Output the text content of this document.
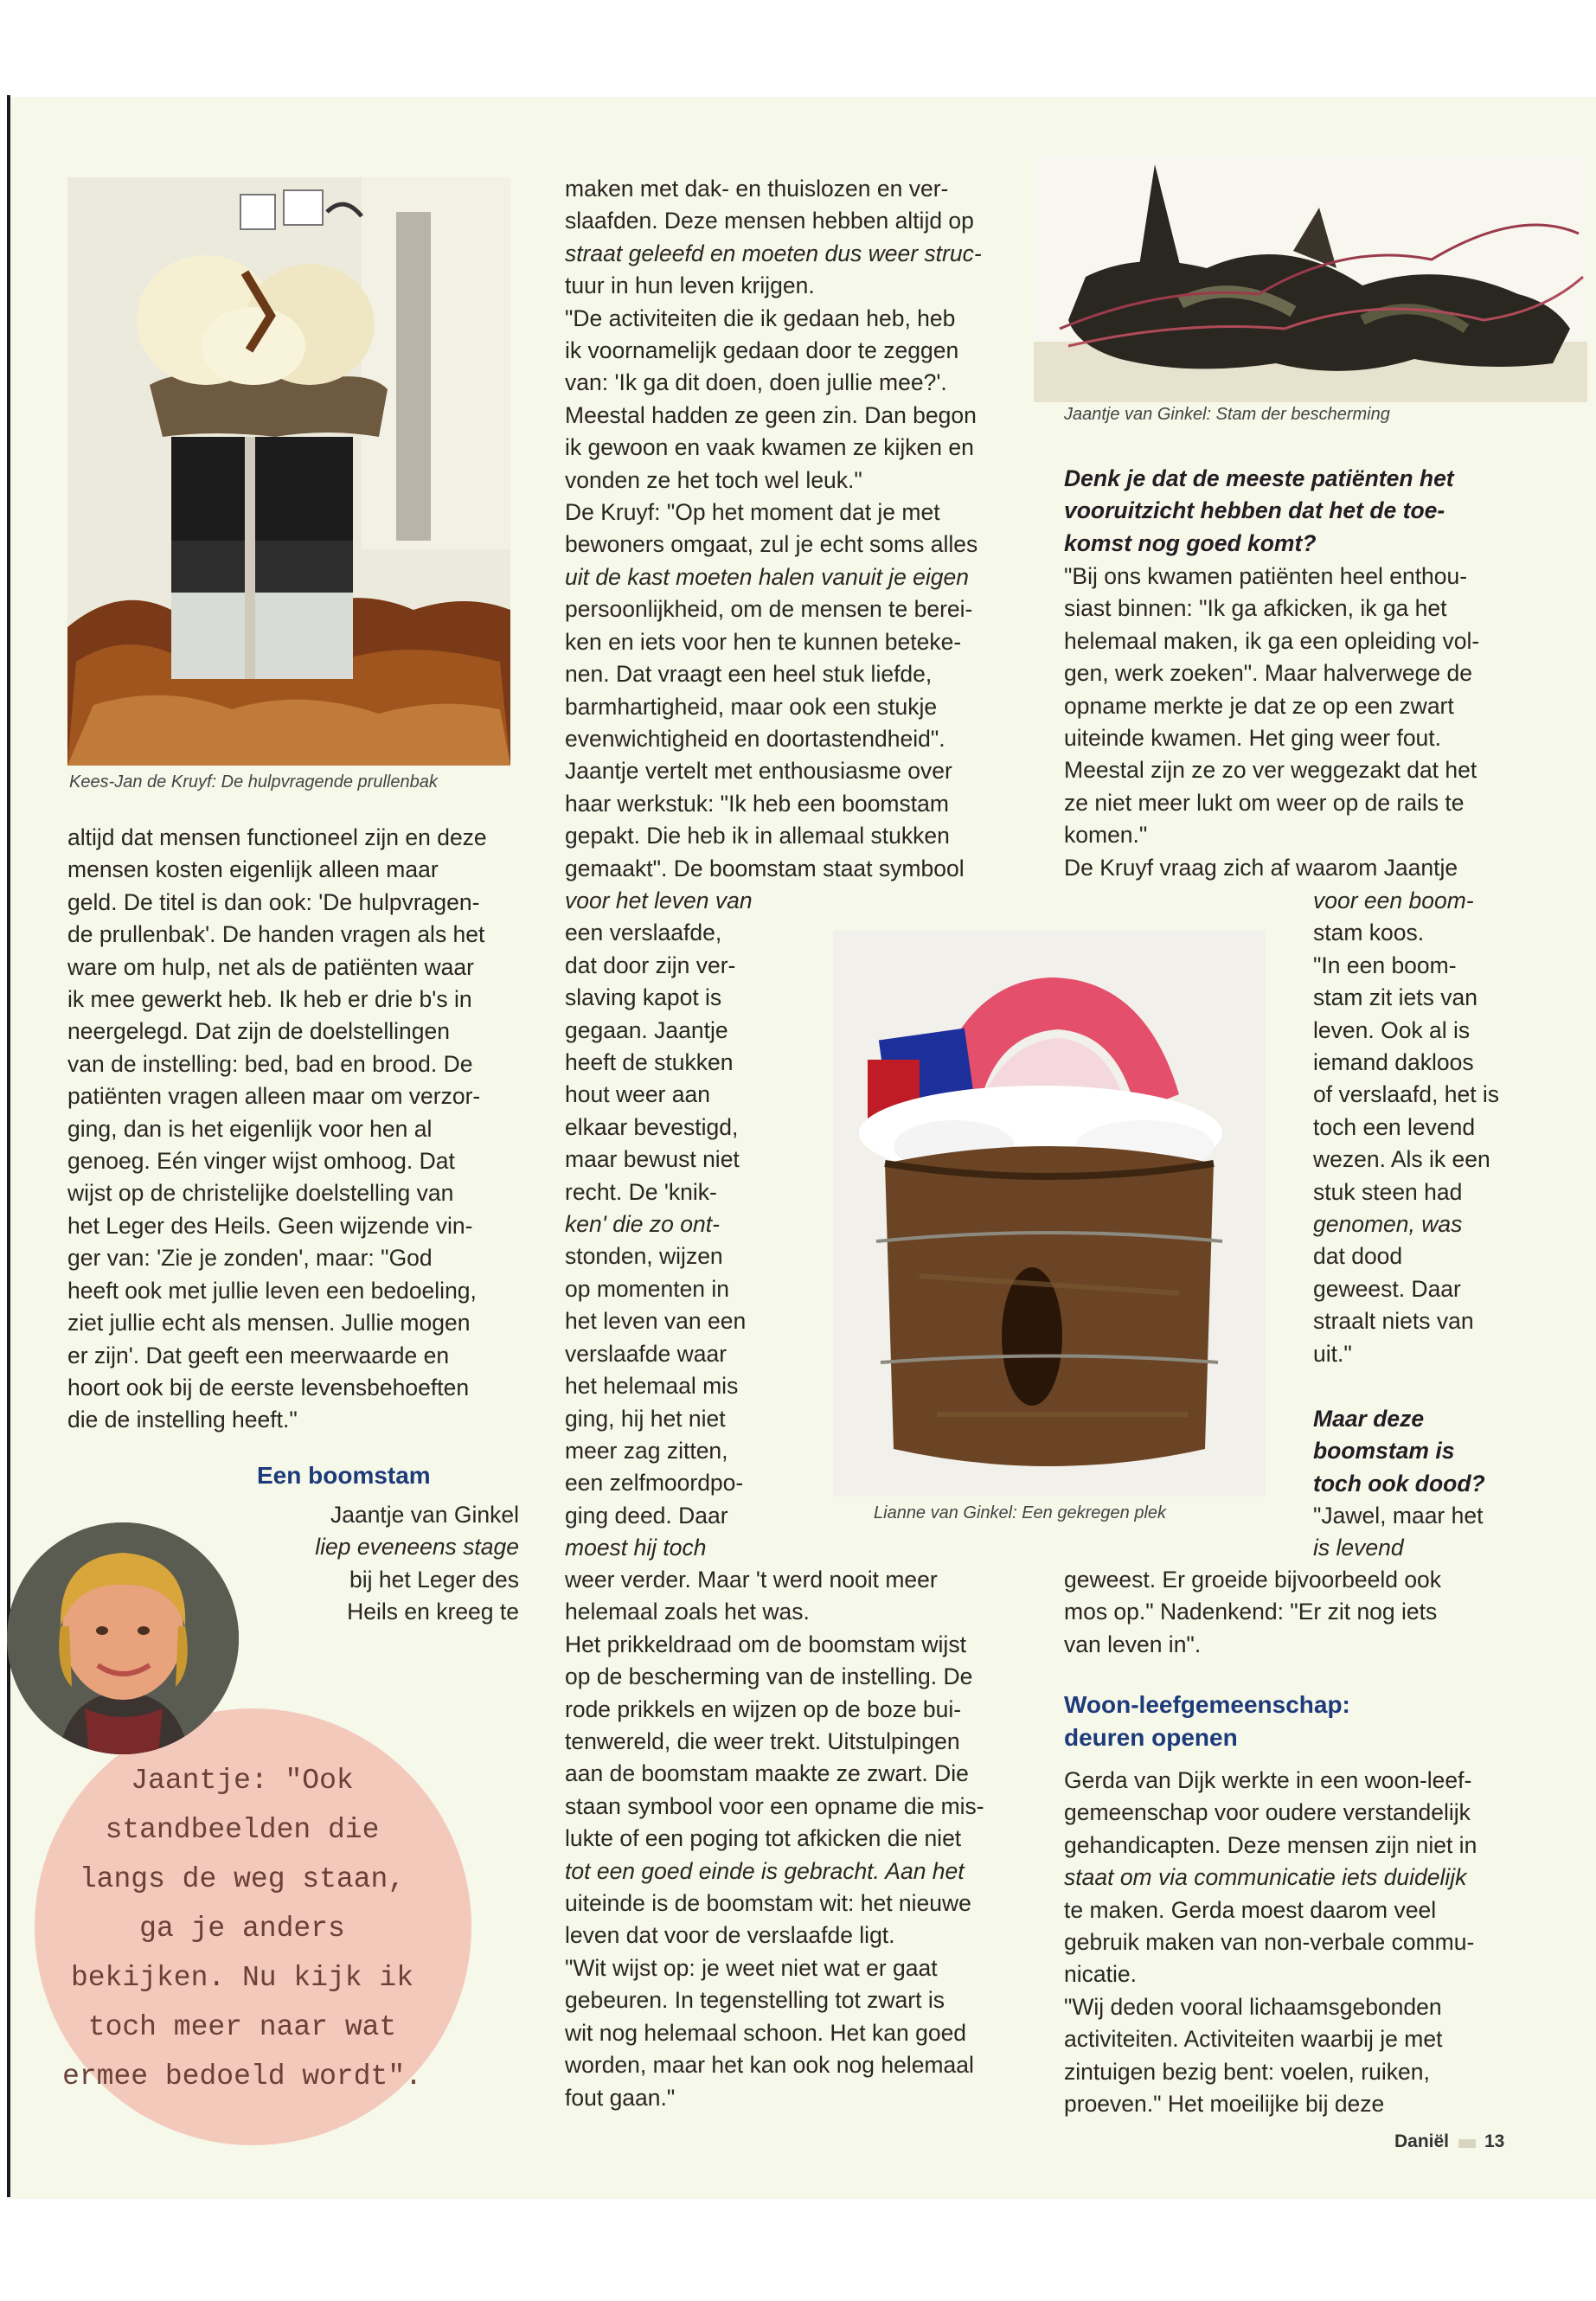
Kees-Jan de Kruyf: De hulpvragende prullenbak
Jaantje van Ginkel: Stam der bescherming
Lianne van Ginkel: Een gekregen plek

altijd dat mensen functioneel zijn en deze

mensen kosten eigenlijk alleen maar

geld. De titel is dan ook: 'De hulpvragen-

de prullenbak'. De handen vragen als het

ware om hulp, net als de patiënten waar

ik mee gewerkt heb. Ik heb er drie b's in

neergelegd. Dat zijn de doelstellingen

van de instelling: bed, bad en brood. De

patiënten vragen alleen maar om verzor-

ging, dan is het eigenlijk voor hen al

genoeg. Eén vinger wijst omhoog. Dat

wijst op de christelijke doelstelling van

het Leger des Heils. Geen wijzende vin-

ger van: 'Zie je zonden', maar: "God

heeft ook met jullie leven een bedoeling,

ziet jullie echt als mensen. Jullie mogen

er zijn'. Dat geeft een meerwaarde en

hoort ook bij de eerste levensbehoeften

die de instelling heeft."

Een boomstam

Jaantje van Ginkel

liep eveneens stage

bij het Leger des

Heils en kreeg te

Jaantje: "Ook
standbeelden die
langs de weg staan,
ga je anders
bekijken. Nu kijk ik
toch meer naar wat
ermee bedoeld wordt".

maken met dak- en thuislozen en ver-

slaafden. Deze mensen hebben altijd op

straat geleefd en moeten dus weer struc-

tuur in hun leven krijgen.

"De activiteiten die ik gedaan heb, heb

ik voornamelijk gedaan door te zeggen

van: 'Ik ga dit doen, doen jullie mee?'.

Meestal hadden ze geen zin. Dan begon

ik gewoon en vaak kwamen ze kijken en

vonden ze het toch wel leuk."

De Kruyf: "Op het moment dat je met

bewoners omgaat, zul je echt soms alles

uit de kast moeten halen vanuit je eigen

persoonlijkheid, om de mensen te berei-

ken en iets voor hen te kunnen beteke-

nen. Dat vraagt een heel stuk liefde,

barmhartigheid, maar ook een stukje

evenwichtigheid en doortastendheid".

Jaantje vertelt met enthousiasme over

haar werkstuk: "Ik heb een boomstam

gepakt. Die heb ik in allemaal stukken

gemaakt". De boomstam staat symbool

voor het leven van

een verslaafde,

dat door zijn ver-

slaving kapot is

gegaan. Jaantje

heeft de stukken

hout weer aan

elkaar bevestigd,

maar bewust niet

recht. De 'knik-

ken' die zo ont-

stonden, wijzen

op momenten in

het leven van een

verslaafde waar

het helemaal mis

ging, hij het niet

meer zag zitten,

een zelfmoordpo-

ging deed. Daar

moest hij toch

weer verder. Maar 't werd nooit meer

helemaal zoals het was.

Het prikkeldraad om de boomstam wijst

op de bescherming van de instelling. De

rode prikkels en wijzen op de boze bui-

tenwereld, die weer trekt. Uitstulpingen

aan de boomstam maakte ze zwart. Die

staan symbool voor een opname die mis-

lukte of een poging tot afkicken die niet

tot een goed einde is gebracht. Aan het

uiteinde is de boomstam wit: het nieuwe

leven dat voor de verslaafde ligt.

"Wit wijst op: je weet niet wat er gaat

gebeuren. In tegenstelling tot zwart is

wit nog helemaal schoon. Het kan goed

worden, maar het kan ook nog helemaal

fout gaan."

Denk je dat de meeste patiënten het
vooruitzicht hebben dat het de toe-
komst nog goed komt?

"Bij ons kwamen patiënten heel enthou-

siast binnen: "Ik ga afkicken, ik ga het

helemaal maken, ik ga een opleiding vol-

gen, werk zoeken". Maar halverwege de

opname merkte je dat ze op een zwart

uiteinde kwamen. Het ging weer fout.

Meestal zijn ze zo ver weggezakt dat het

ze niet meer lukt om weer op de rails te

komen."

De Kruyf vraag zich af waarom Jaantje

voor een boom-

stam koos.

"In een boom-

stam zit iets van

leven. Ook al is

iemand dakloos

of verslaafd, het is

toch een levend

wezen. Als ik een

stuk steen had

genomen, was

dat dood

geweest. Daar

straalt niets van

uit."

Maar deze
boomstam is
toch ook dood?

"Jawel, maar het

is levend

geweest. Er groeide bijvoorbeeld ook

mos op." Nadenkend: "Er zit nog iets

van leven in".

Woon-leefgemeenschap:
deuren openen

Gerda van Dijk werkte in een woon-leef-

gemeenschap voor oudere verstandelijk

gehandicapten. Deze mensen zijn niet in

staat om via communicatie iets duidelijk

te maken. Gerda moest daarom veel

gebruik maken van non-verbale commu-

nicatie.

"Wij deden vooral lichaamsgebonden

activiteiten. Activiteiten waarbij je met

zintuigen bezig bent: voelen, ruiken,

proeven." Het moeilijke bij deze

Daniël 13
